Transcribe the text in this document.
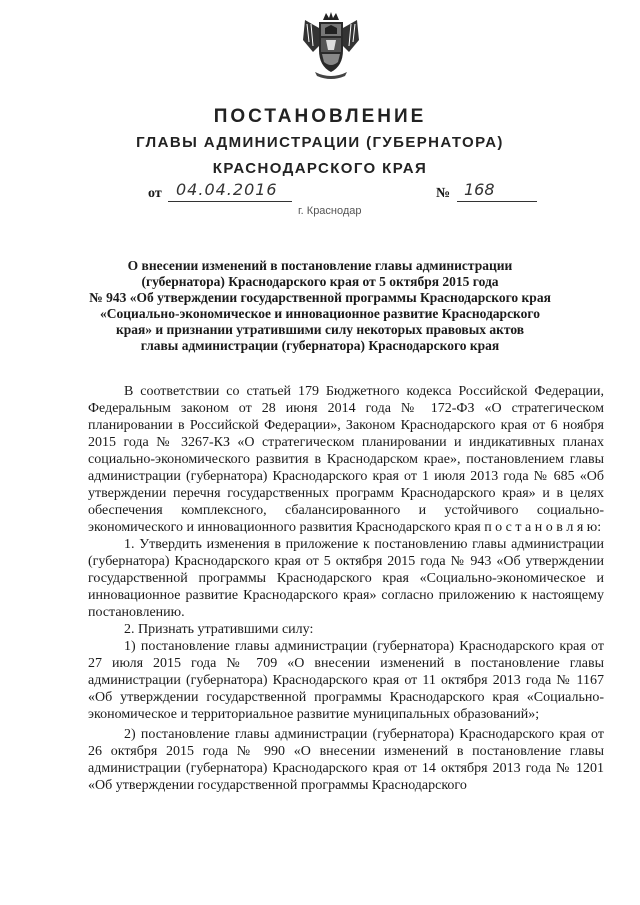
ПОСТАНОВЛЕНИЕ
ГЛАВЫ АДМИНИСТРАЦИИ (ГУБЕРНАТОРА)
КРАСНОДАРСКОГО КРАЯ
от 04.04.2016	№ 168
г. Краснодар
О внесении изменений в постановление главы администрации
(губернатора) Краснодарского края от 5 октября 2015 года
№ 943 «Об утверждении государственной программы Краснодарского края
«Социально-экономическое и инновационное развитие Краснодарского
края» и признании утратившими силу некоторых правовых актов
главы администрации (губернатора) Краснодарского края

В соответствии со статьей 179 Бюджетного кодекса Российской Федерации, Федеральным законом от 28 июня 2014 года № 172-ФЗ «О стратегическом планировании в Российской Федерации», Законом Краснодарского края от 6 ноября 2015 года № 3267-КЗ «О стратегическом планировании и индикативных планах социально-экономического развития в Краснодарском крае», постановлением главы администрации (губернатора) Краснодарского края от 1 июля 2013 года № 685 «Об утверждении перечня государственных программ Краснодарского края» и в целях обеспечения комплексного, сбалансированного и устойчивого социально-экономического и инновационного развития Краснодарского края п о с т а н о в л я ю:

1. Утвердить изменения в приложение к постановлению главы администрации (губернатора) Краснодарского края от 5 октября 2015 года № 943 «Об утверждении государственной программы Краснодарского края «Социально-экономическое и инновационное развитие Краснодарского края» согласно приложению к настоящему постановлению.

2. Признать утратившими силу:

1) постановление главы администрации (губернатора) Краснодарского края от 27 июля 2015 года № 709 «О внесении изменений в постановление главы администрации (губернатора) Краснодарского края от 11 октября 2013 года № 1167 «Об утверждении государственной программы Краснодарского края «Социально-экономическое и территориальное развитие муниципальных образований»;

2) постановление главы администрации (губернатора) Краснодарского края от 26 октября 2015 года № 990 «О внесении изменений в постановление главы администрации (губернатора) Краснодарского края от 14 октября 2013 года № 1201 «Об утверждении государственной программы Краснодарского
